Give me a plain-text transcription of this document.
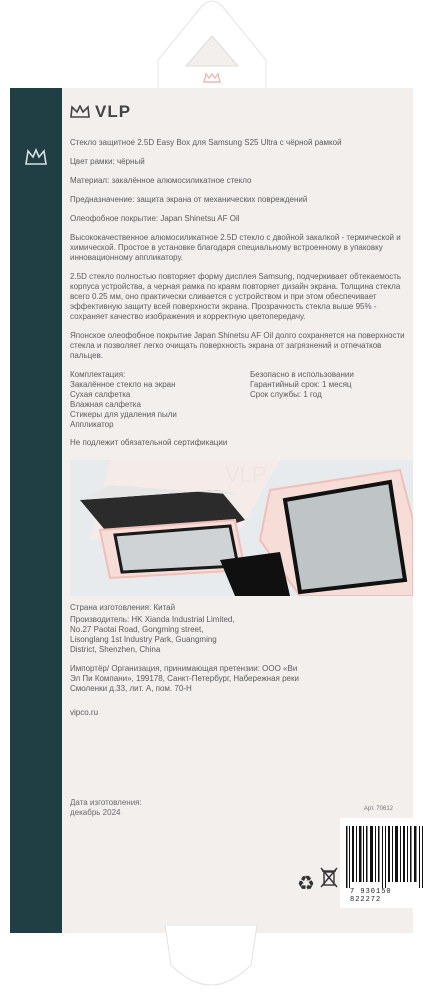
VLP
Стекло защитное 2.5D Easy Box для Samsung S25 Ultra с чёрной рамкой
Цвет рамки: чёрный
Материал: закалённое алюмосиликатное стекло
Предназначение: защита экрана от механических повреждений
Олеофобное покрытие: Japan Shinetsu AF Oil
Высококачественное алюмосиликатное 2.5D стекло с двойной закалкой - термической и химической. Простое в установке благодаря специальному встроенному в упаковку инновационному аппликатору.
2.5D стекло полностью повторяет форму дисплея Samsung, подчеркивает обтекаемость корпуса устройства, а черная рамка по краям повторяет дизайн экрана. Толщина стекла всего 0.25 мм, оно практически сливается с устройством и при этом обеспечивает эффективную защиту всей поверхности экрана. Прозрачность стекла выше 95% - сохраняет качество изображения и корректную цветопередачу.
Японское олеофобное покрытие Japan Shinetsu AF Oil долго сохраняется на поверхности стекла и позволяет легко очищать поверхность экрана от загрязнений и отпечатков пальцев.
Комплектация:
Закалённое стекло на экран
Сухая салфетка
Влажная салфетка
Стикеры для удаления пыли
Аппликатор
Безопасно в использовании
Гарантийный срок: 1 месяц
Срок службы: 1 год
Не подлежит обязательной сертификации
VLP
Страна изготовления: Китай
Производитель: HK Xianda Industrial Limited, No.27 Paotai Road, Gongming street, Lisonglang 1st Industry Park, Guangming District, Shenzhen, China
Импортёр/ Организация, принимающая претензии: ООО «Ви Эл Пи Компани», 199178, Санкт-Петербург, Набережная реки Смоленки д.33, лит. А, пом. 70-Н
vipco.ru
Дата изготовления:
декабрь 2024	Арт. 70612
7 930150 822272
♻
